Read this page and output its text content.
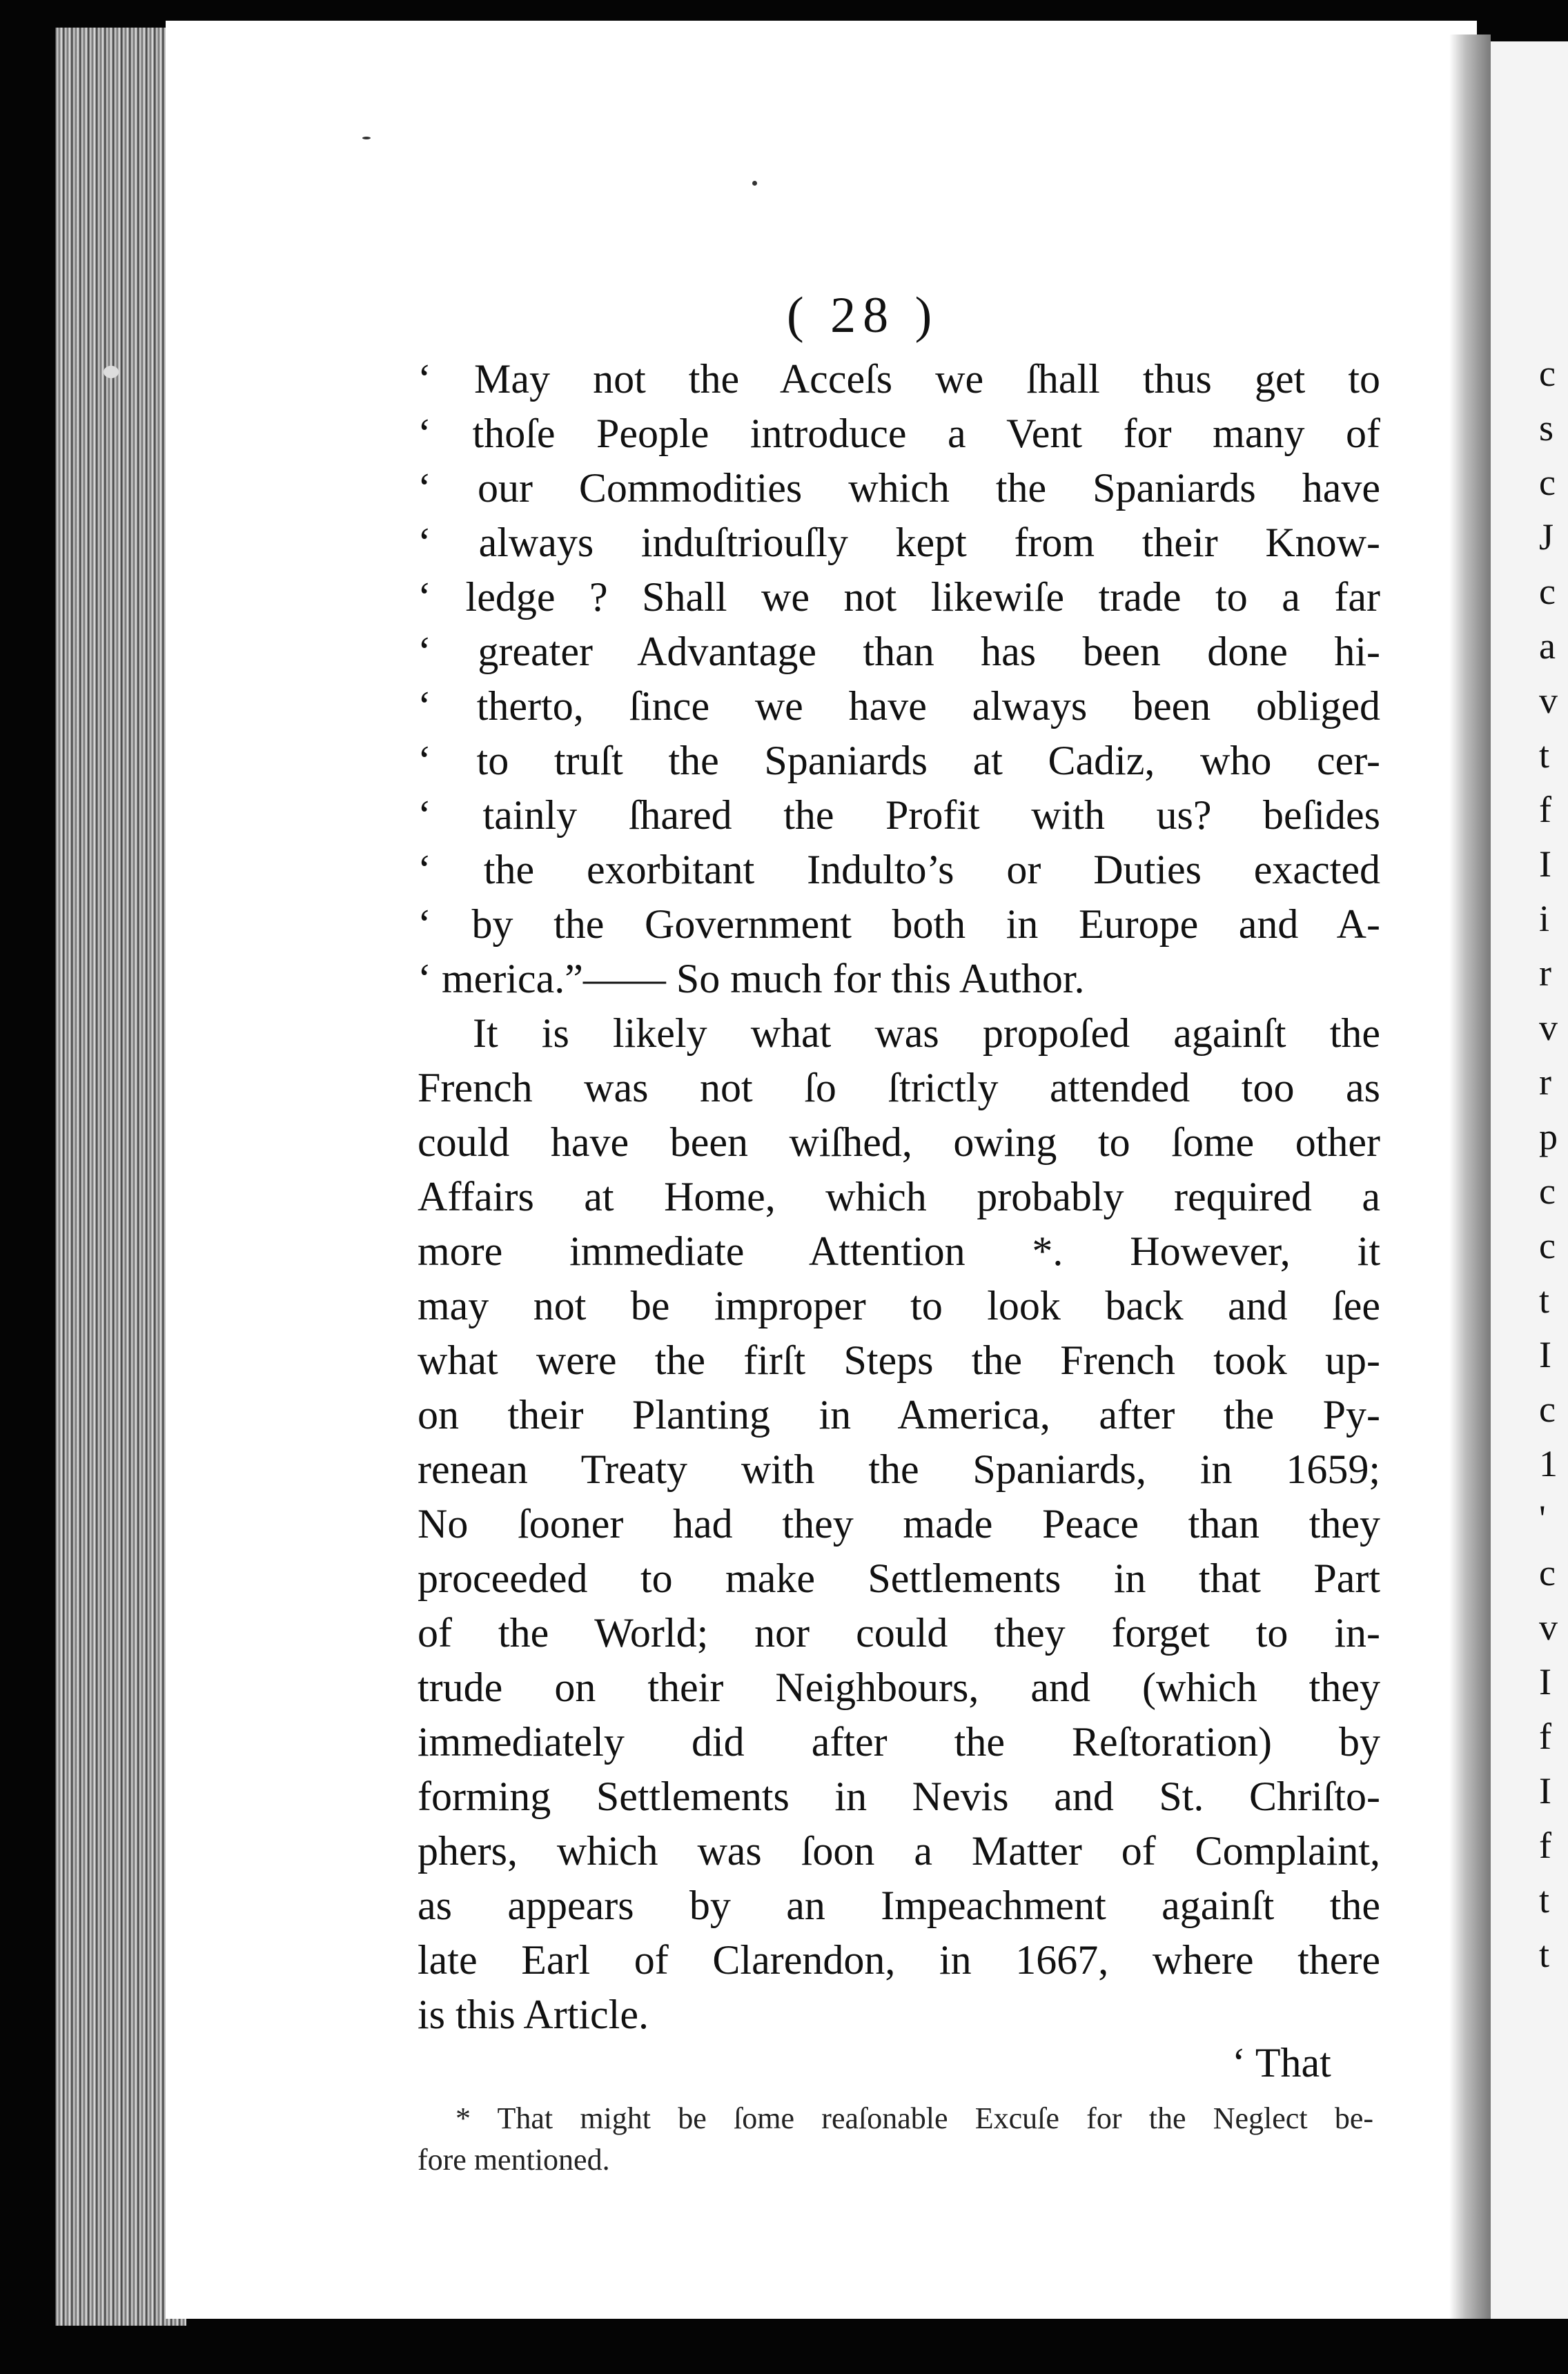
c
s
c
J
c
a
v
t
f
I
i
r
v
r
p
c
c
t
I
c
1
'
c
v
I
f
I
f
t
t
( 28 )
‘ May not the Acceſs we ſhall thus get to
‘ thoſe People introduce a Vent for many of
‘ our Commodities which the Spaniards have
‘ always induſtriouſly kept from their Know-
‘ ledge ? Shall we not likewiſe trade to a far
‘ greater Advantage than has been done hi-
‘ therto, ſince we have always been obliged
‘ to truſt the Spaniards at Cadiz, who cer-
‘ tainly ſhared the Profit with us? beſides
‘ the exorbitant Indulto’s or Duties exacted
‘ by the Government both in Europe and A-
‘ merica.”—— So much for this Author.
It is likely what was propoſed againſt the
French was not ſo ſtrictly attended too as
could have been wiſhed, owing to ſome other
Affairs at Home, which probably required a
more immediate Attention *. However, it
may not be improper to look back and ſee
what were the firſt Steps the French took up-
on their Planting in America, after the Py-
renean Treaty with the Spaniards, in 1659;
No ſooner had they made Peace than they
proceeded to make Settlements in that Part
of the World; nor could they forget to in-
trude on their Neighbours, and (which they
immediately did after the Reſtoration) by
forming Settlements in Nevis and St. Chriſto-
phers, which was ſoon a Matter of Complaint,
as appears by an Impeachment againſt the
late Earl of Clarendon, in 1667, where there
is this Article.
‘ That
* That might be ſome reaſonable Excuſe for the Neglect be-
fore mentioned.
